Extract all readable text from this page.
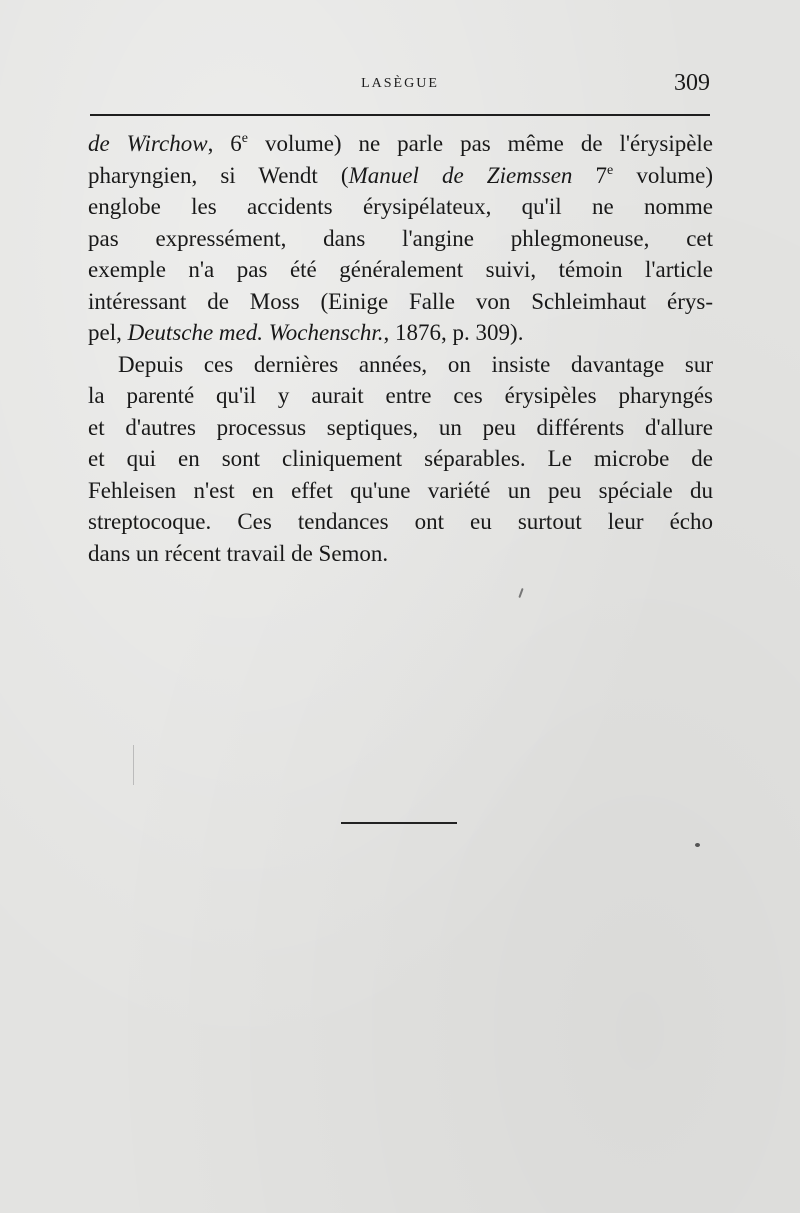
LASÈGUE	309
de Wirchow, 6e volume) ne parle pas même de l'érysipèle
pharyngien, si Wendt (Manuel de Ziemssen 7e volume)
englobe les accidents érysipélateux, qu'il ne nomme
pas expressément, dans l'angine phlegmoneuse, cet
exemple n'a pas été généralement suivi, témoin l'article
intéressant de Moss (Einige Falle von Schleimhaut érys-
pel, Deutsche med. Wochenschr., 1876, p. 309).
Depuis ces dernières années, on insiste davantage sur
la parenté qu'il y aurait entre ces érysipèles pharyngés
et d'autres processus septiques, un peu différents d'allure
et qui en sont cliniquement séparables. Le microbe de
Fehleisen n'est en effet qu'une variété un peu spéciale du
streptocoque. Ces tendances ont eu surtout leur écho
dans un récent travail de Semon.
